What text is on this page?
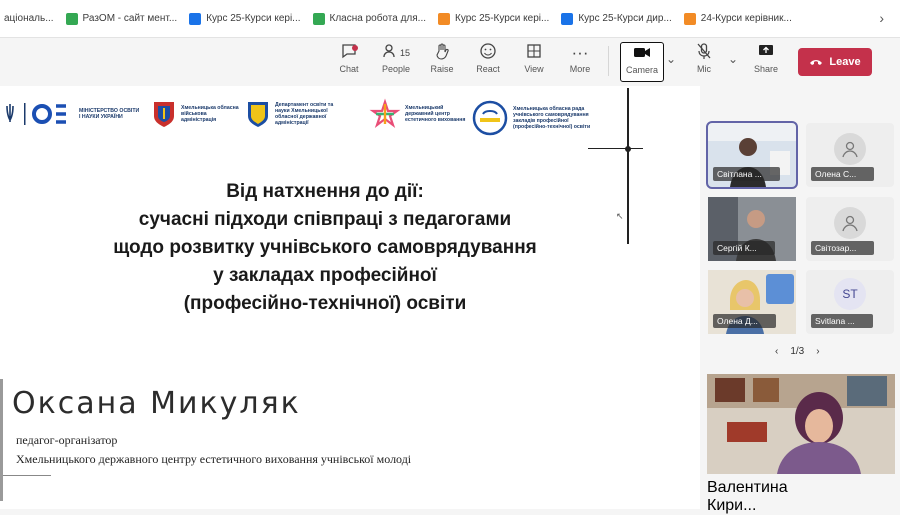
аціональ...	РазОМ - сайт мент...	Курс 25-Курси кері...	Класна робота для...	Курс 25-Курси кері...	Курс 25-Курси дир...	24-Курси керівник...	›
Chat
$^{15}$
People Raise	React	View
···
More	Camera
⌄
Mic
⌄
Share
Leave
МІНІСТЕРСТВО ОСВІТИ І НАУКИ УКРАЇНИ
Хмельницька обласна військова адміністрація
Департамент освіти та науки Хмельницької обласної державної адміністрації
Хмельницький державний центр естетичного виховання
Хмельницька обласна рада учнівського самоврядування закладів професійної (професійно-технічної) освіти
↖
Від натхнення до дії:
сучасні підходи співпраці з педагогами
щодо розвитку учнівського самоврядування
у закладах професійної
(професійно-технічної) освіти
Оксана Микуляк
педагог-організатор
Хмельницького державного центру естетичного виховання учнівської молоді
Світлана ...	Олена С...
Сергій К...	Світозар...
Олена Д...
ST
Svitlana ...
‹ 1/3 ›
Валентина Кири...
